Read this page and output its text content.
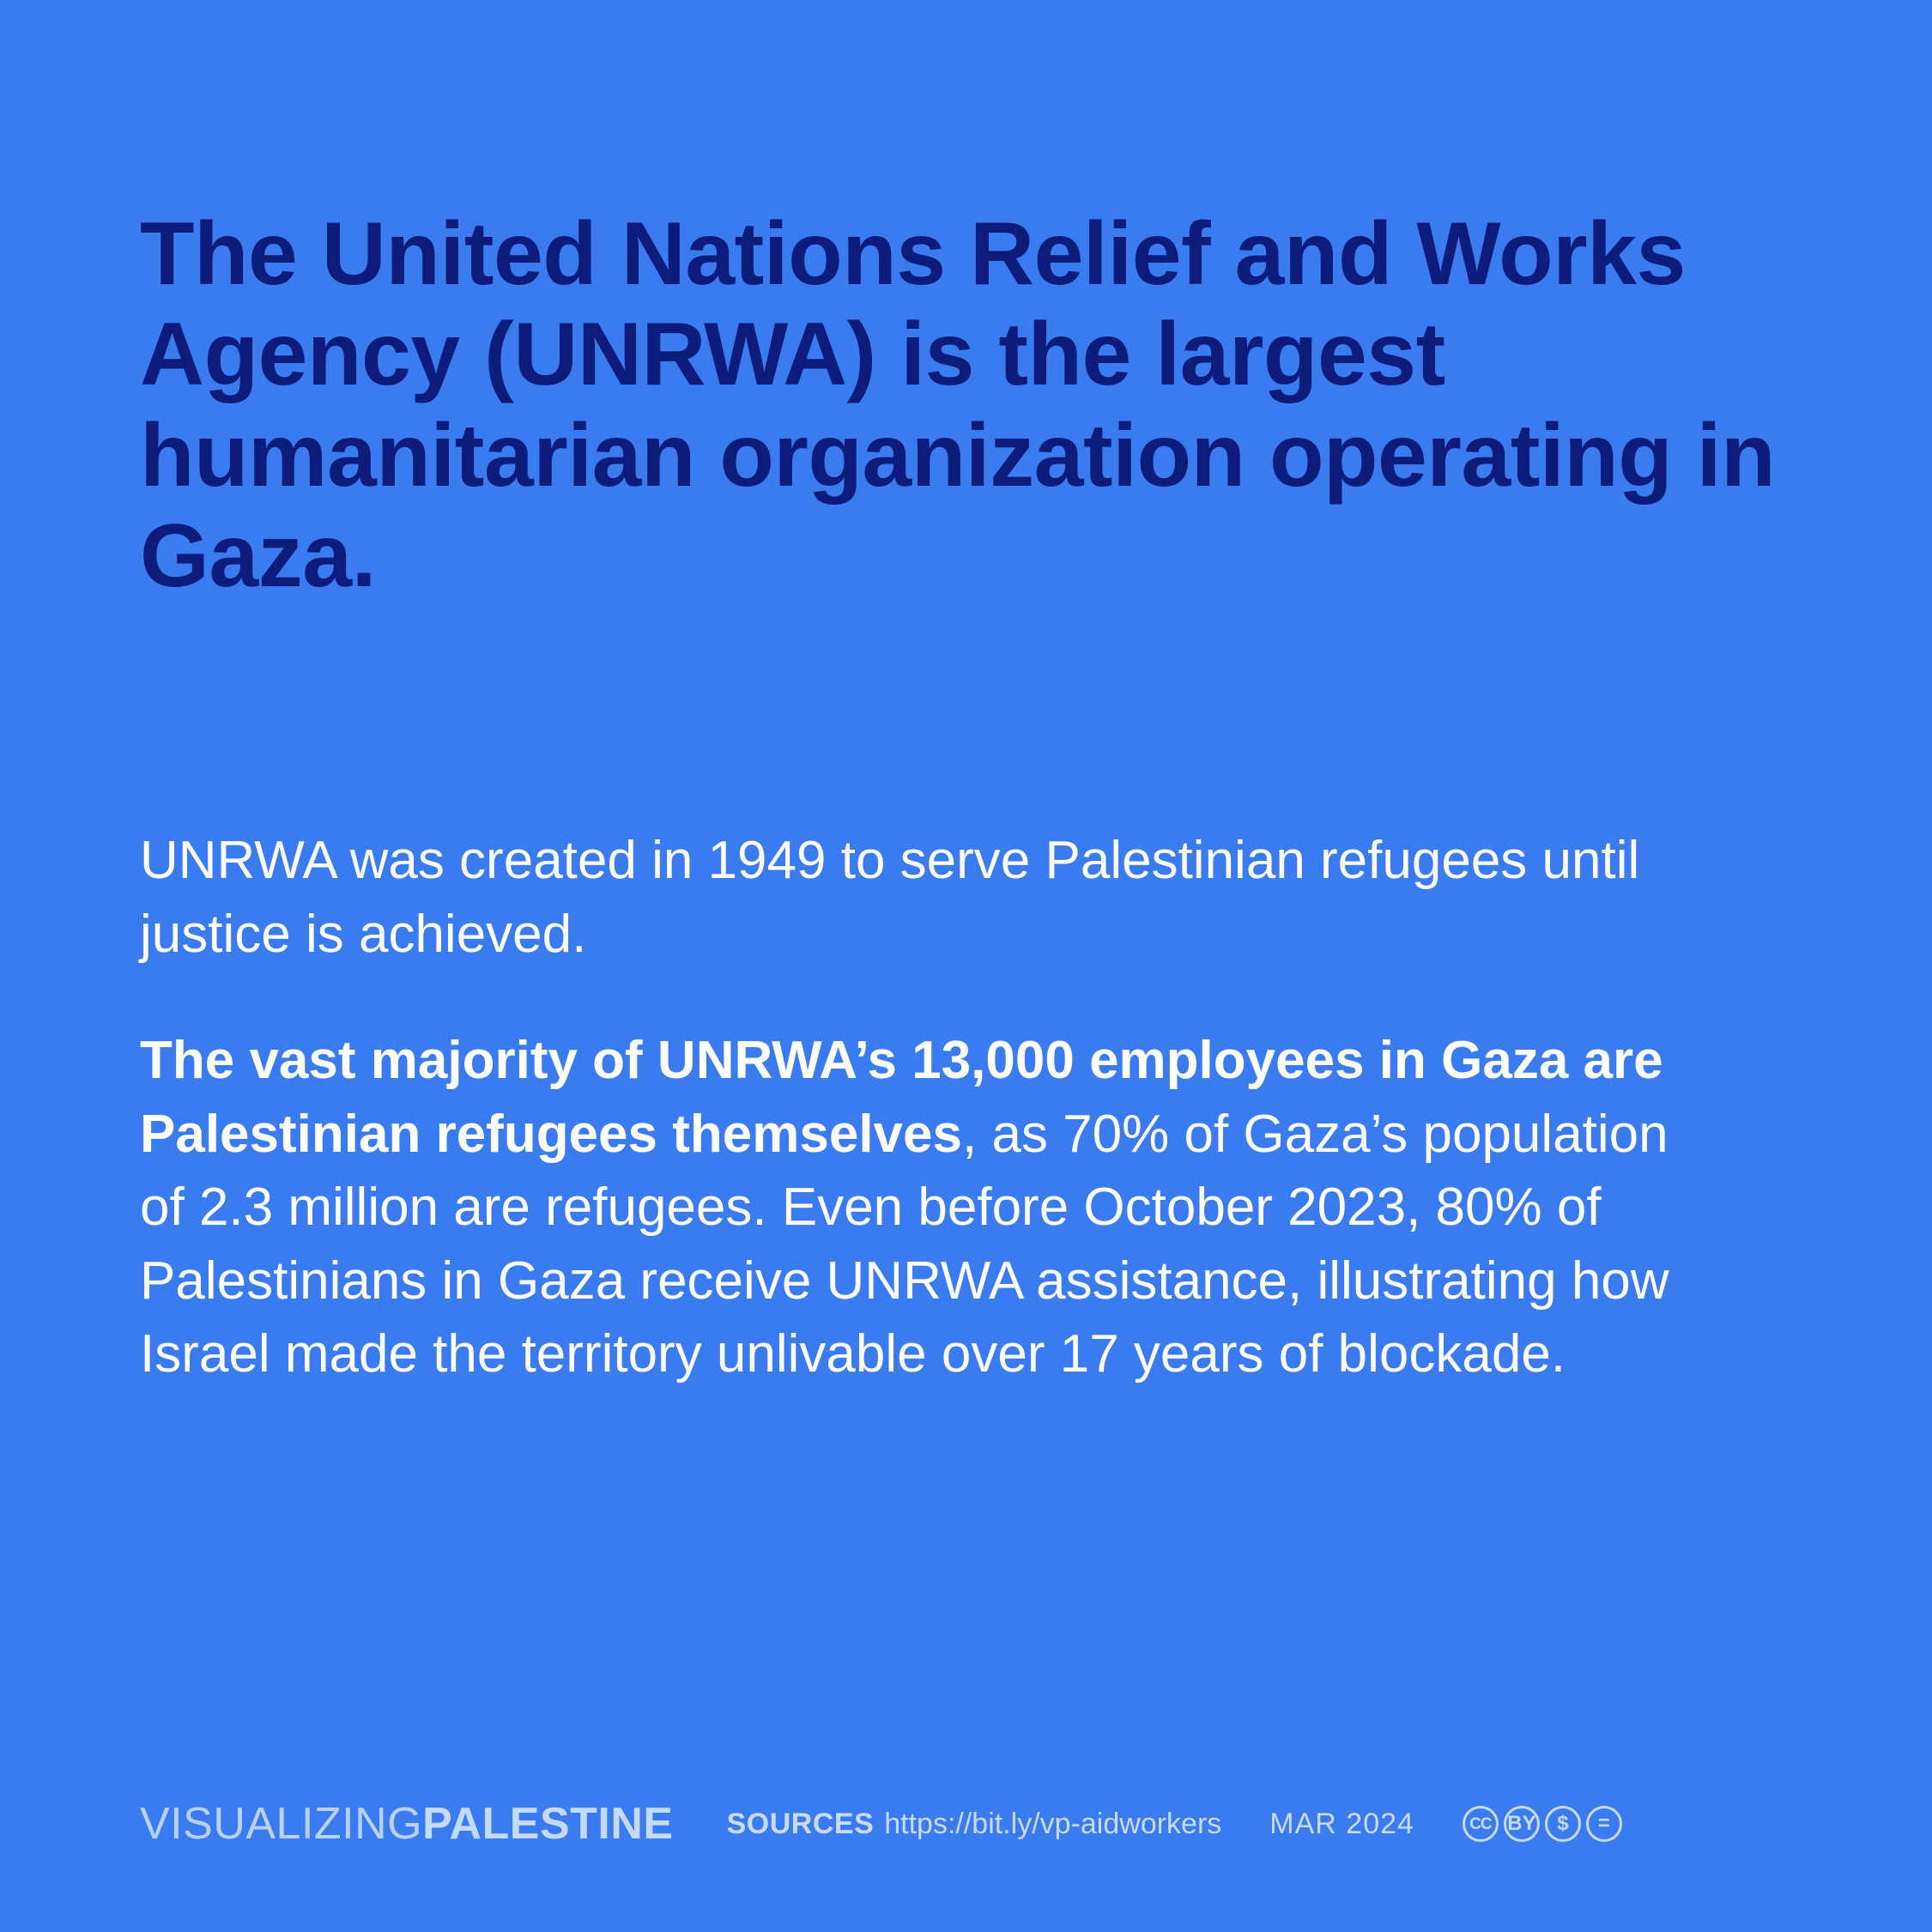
The United Nations Relief and Works Agency (UNRWA) is the largest humanitarian organization operating in Gaza.

UNRWA was created in 1949 to serve Palestinian refugees until justice is achieved.

The vast majority of UNRWA’s 13,000 employees in Gaza are Palestinian refugees themselves, as 70% of Gaza’s population of 2.3 million are refugees. Even before October 2023, 80% of Palestinians in Gaza receive UNRWA assistance, illustrating how Israel made the territory unlivable over 17 years of blockade.

VISUALIZING PALESTINE SOURCES https://bit.ly/vp-aidworkers MAR 2024	CC BY	$	=
